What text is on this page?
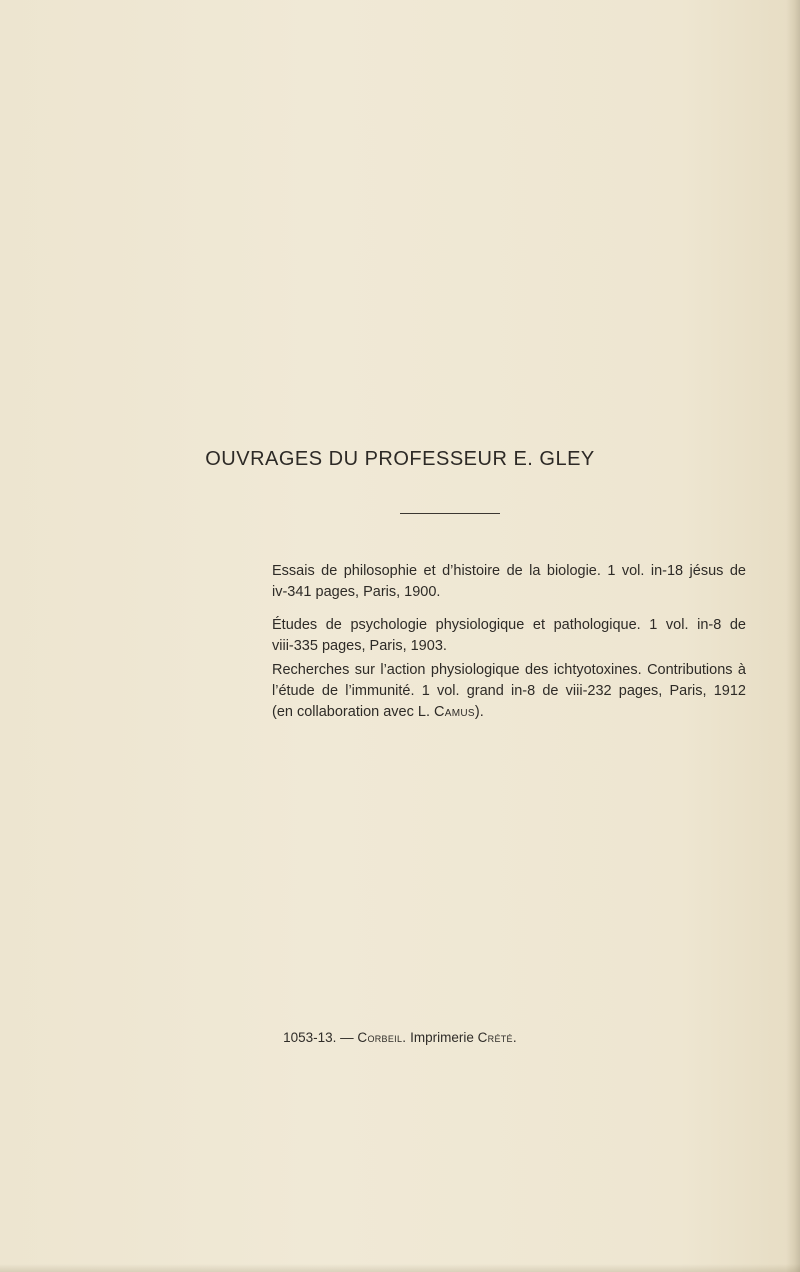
OUVRAGES DU PROFESSEUR E. GLEY

Essais de philosophie et d’histoire de la biologie. 1 vol. in-18 jésus de
iv-341 pages, Paris, 1900.

Études de psychologie physiologique et pathologique. 1 vol. in-8 de
viii-335 pages, Paris, 1903.

Recherches sur l’action physiologique des ichtyotoxines. Contributions à
l’étude de l’immunité. 1 vol. grand in-8 de viii-232 pages, Paris, 1912
(en collaboration avec L. Camus).

1053-13. — Corbeil. Imprimerie Crété.
